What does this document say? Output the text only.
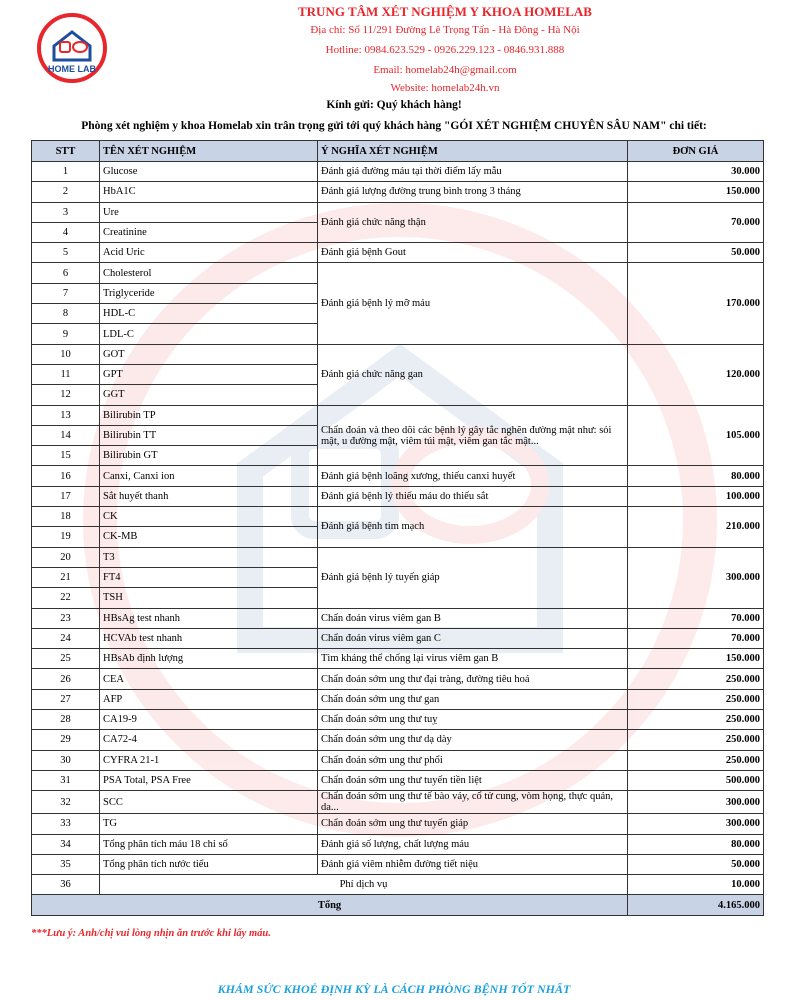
HOME LAB
TRUNG TÂM XÉT NGHIỆM Y KHOA HOMELAB
Địa chỉ: Số 11/291 Đường Lê Trọng Tấn - Hà Đông - Hà Nội
Hotline: 0984.623.529 - 0926.229.123 - 0846.931.888
Email: homelab24h@gmail.com
Website: homelab24h.vn
Kính gửi: Quý khách hàng!
Phòng xét nghiệm y khoa Homelab xin trân trọng gửi tới quý khách hàng "GÓI XÉT NGHIỆM CHUYÊN SÂU NAM" chi tiết:
STT	TÊN XÉT NGHIỆM	Ý NGHĨA XÉT NGHIỆM	ĐƠN GIÁ
1	Glucose	Đánh giá đường máu tại thời điểm lấy mẫu	30.000
2	HbA1C	Đánh giá lượng đường trung bình trong 3 tháng	150.000
3	Ure	Đánh giá chức năng thận	70.000
4	Creatinine		
5	Acid Uric	Đánh giá bệnh Gout	50.000
6	Cholesterol	Đánh giá bệnh lý mỡ máu	170.000
7	Triglyceride		
8	HDL-C		
9	LDL-C		
10	GOT	Đánh giá chức năng gan	120.000
11	GPT		
12	GGT		
13	Bilirubin TP	Chẩn đoán và theo dõi các bệnh lý gây tắc nghẽn đường mật như: sỏi mật, u đường mật, viêm túi mật, viêm gan tắc mật...	105.000
14	Bilirubin TT		
15	Bilirubin GT		
16	Canxi, Canxi ion	Đánh giá bệnh loãng xương, thiếu canxi huyết	80.000
17	Sắt huyết thanh	Đánh giá bệnh lý thiếu máu do thiếu sắt	100.000
18	CK	Đánh giá bệnh tim mạch	210.000
19	CK-MB		
20	T3	Đánh giá bệnh lý tuyến giáp	300.000
21	FT4		
22	TSH		
23	HBsAg test nhanh	Chẩn đoán virus viêm gan B	70.000
24	HCVAb test nhanh	Chẩn đoán virus viêm gan C	70.000
25	HBsAb định lượng	Tìm kháng thể chống lại virus viêm gan B	150.000
26	CEA	Chẩn đoán sớm ung thư đại tràng, đường tiêu hoá	250.000
27	AFP	Chẩn đoán sớm ung thư gan	250.000
28	CA19-9	Chẩn đoán sớm ung thư tuỵ	250.000
29	CA72-4	Chẩn đoán sớm ung thư dạ dày	250.000
30	CYFRA 21-1	Chẩn đoán sớm ung thư phổi	250.000
31	PSA Total, PSA Free	Chẩn đoán sớm ung thư tuyến tiền liệt	500.000
32	SCC	Chẩn đoán sớm ung thư tế bào vảy, cổ tử cung, vòm họng, thực quản, da...	300.000
33	TG	Chẩn đoán sớm ung thư tuyến giáp	300.000
34	Tổng phân tích máu 18 chỉ số	Đánh giá số lượng, chất lượng máu	80.000
35	Tổng phân tích nước tiểu	Đánh giá viêm nhiễm đường tiết niệu	50.000
36	Phí dịch vụ		10.000
Tổng			4.165.000
***Lưu ý: Anh/chị vui lòng nhịn ăn trước khi lấy máu.
KHÁM SỨC KHOẺ ĐỊNH KỲ LÀ CÁCH PHÒNG BỆNH TỐT NHẤT
